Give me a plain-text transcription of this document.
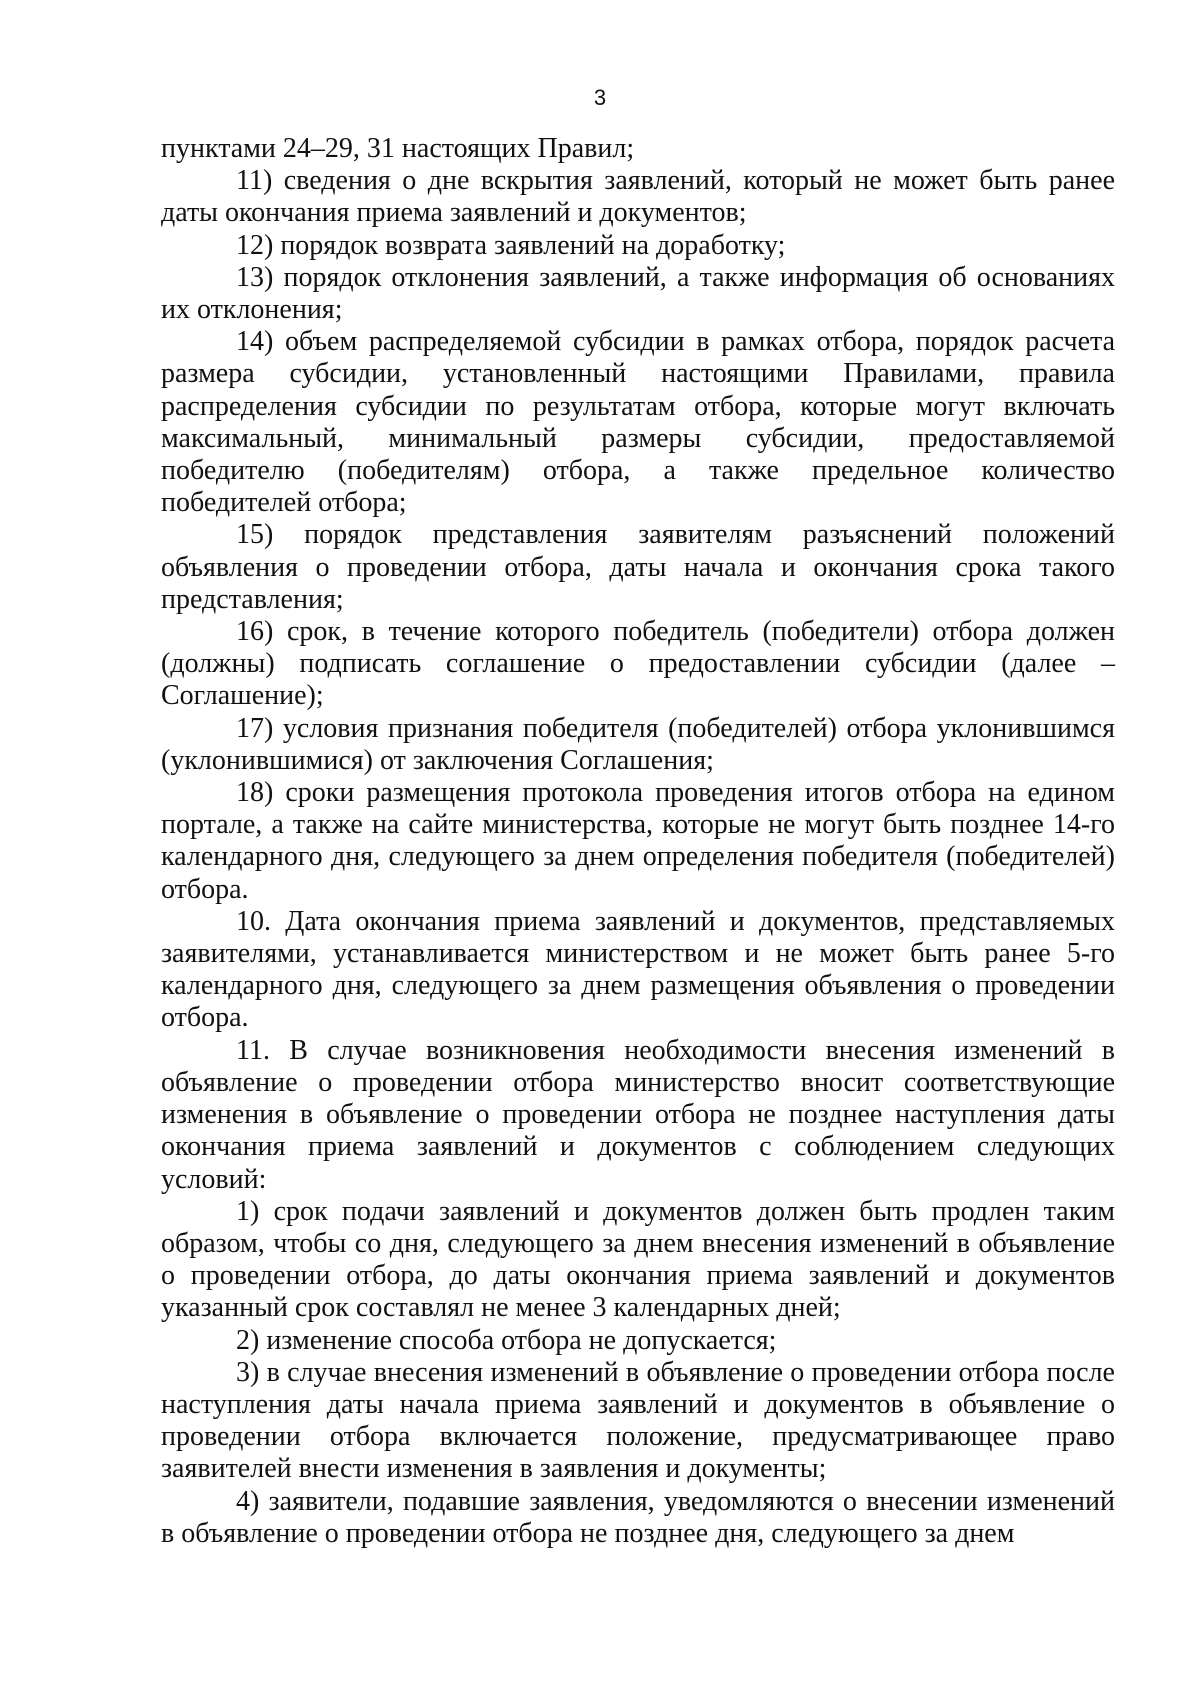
3

пунктами 24–29, 31 настоящих Правил;

11) сведения о дне вскрытия заявлений, который не может быть ранее даты окончания приема заявлений и документов;

12) порядок возврата заявлений на доработку;

13) порядок отклонения заявлений, а также информация об основаниях их отклонения;

14) объем распределяемой субсидии в рамках отбора, порядок расчета размера субсидии, установленный настоящими Правилами, правила распределения субсидии по результатам отбора, которые могут включать максимальный, минимальный размеры субсидии, предоставляемой победителю (победителям) отбора, а также предельное количество победителей отбора;

15) порядок представления заявителям разъяснений положений объявления о проведении отбора, даты начала и окончания срока такого представления;

16) срок, в течение которого победитель (победители) отбора должен (должны) подписать соглашение о предоставлении субсидии (далее – Соглашение);

17) условия признания победителя (победителей) отбора уклонившимся (уклонившимися) от заключения Соглашения;

18) сроки размещения протокола проведения итогов отбора на едином портале, а также на сайте министерства, которые не могут быть позднее 14-го календарного дня, следующего за днем определения победителя (победителей) отбора.

10. Дата окончания приема заявлений и документов, представляемых заявителями, устанавливается министерством и не может быть ранее 5-го календарного дня, следующего за днем размещения объявления о проведении отбора.

11. В случае возникновения необходимости внесения изменений в объявление о проведении отбора министерство вносит соответствующие изменения в объявление о проведении отбора не позднее наступления даты окончания приема заявлений и документов с соблюдением следующих условий:

1) срок подачи заявлений и документов должен быть продлен таким образом, чтобы со дня, следующего за днем внесения изменений в объявление о проведении отбора, до даты окончания приема заявлений и документов указанный срок составлял не менее 3 календарных дней;

2) изменение способа отбора не допускается;

3) в случае внесения изменений в объявление о проведении отбора после наступления даты начала приема заявлений и документов в объявление о проведении отбора включается положение, предусматривающее право заявителей внести изменения в заявления и документы;

4) заявители, подавшие заявления, уведомляются о внесении изменений в объявление о проведении отбора не позднее дня, следующего за днем
